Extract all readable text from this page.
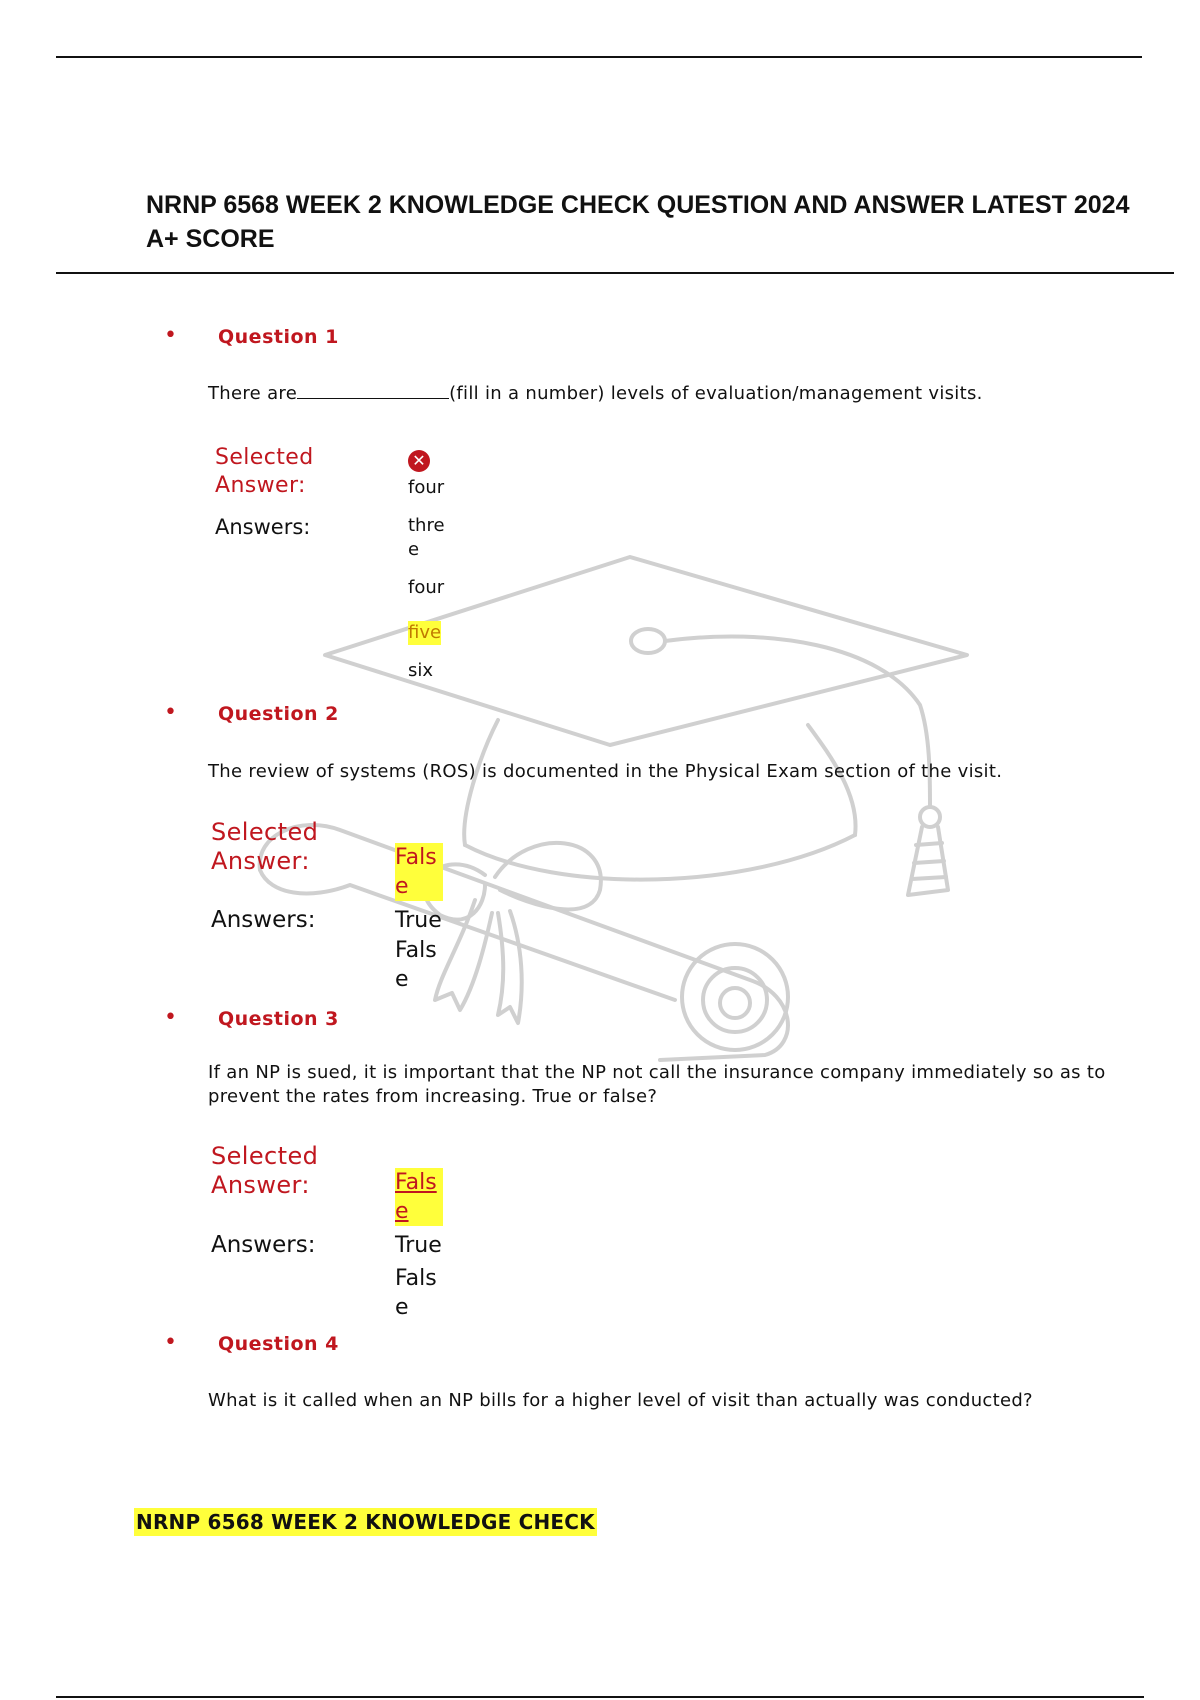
NRNP 6568 WEEK 2 KNOWLEDGE CHECK QUESTION AND ANSWER LATEST 2024 A+ SCORE
• Question 1
There are	(fill in a number) levels of evaluation/management visits.
Selected Answer:
✕
four
Answers:	three
four
five
six
• Question 2
The review of systems (ROS) is documented in the Physical Exam section of the visit.
Selected Answer:	False
Answers:	True
False
• Question 3
If an NP is sued, it is important that the NP not call the insurance company immediately so as to prevent the rates from increasing. True or false?
Selected Answer:	False
Answers:	True
False
• Question 4
What is it called when an NP bills for a higher level of visit than actually was conducted?
NRNP 6568 WEEK 2 KNOWLEDGE CHECK
